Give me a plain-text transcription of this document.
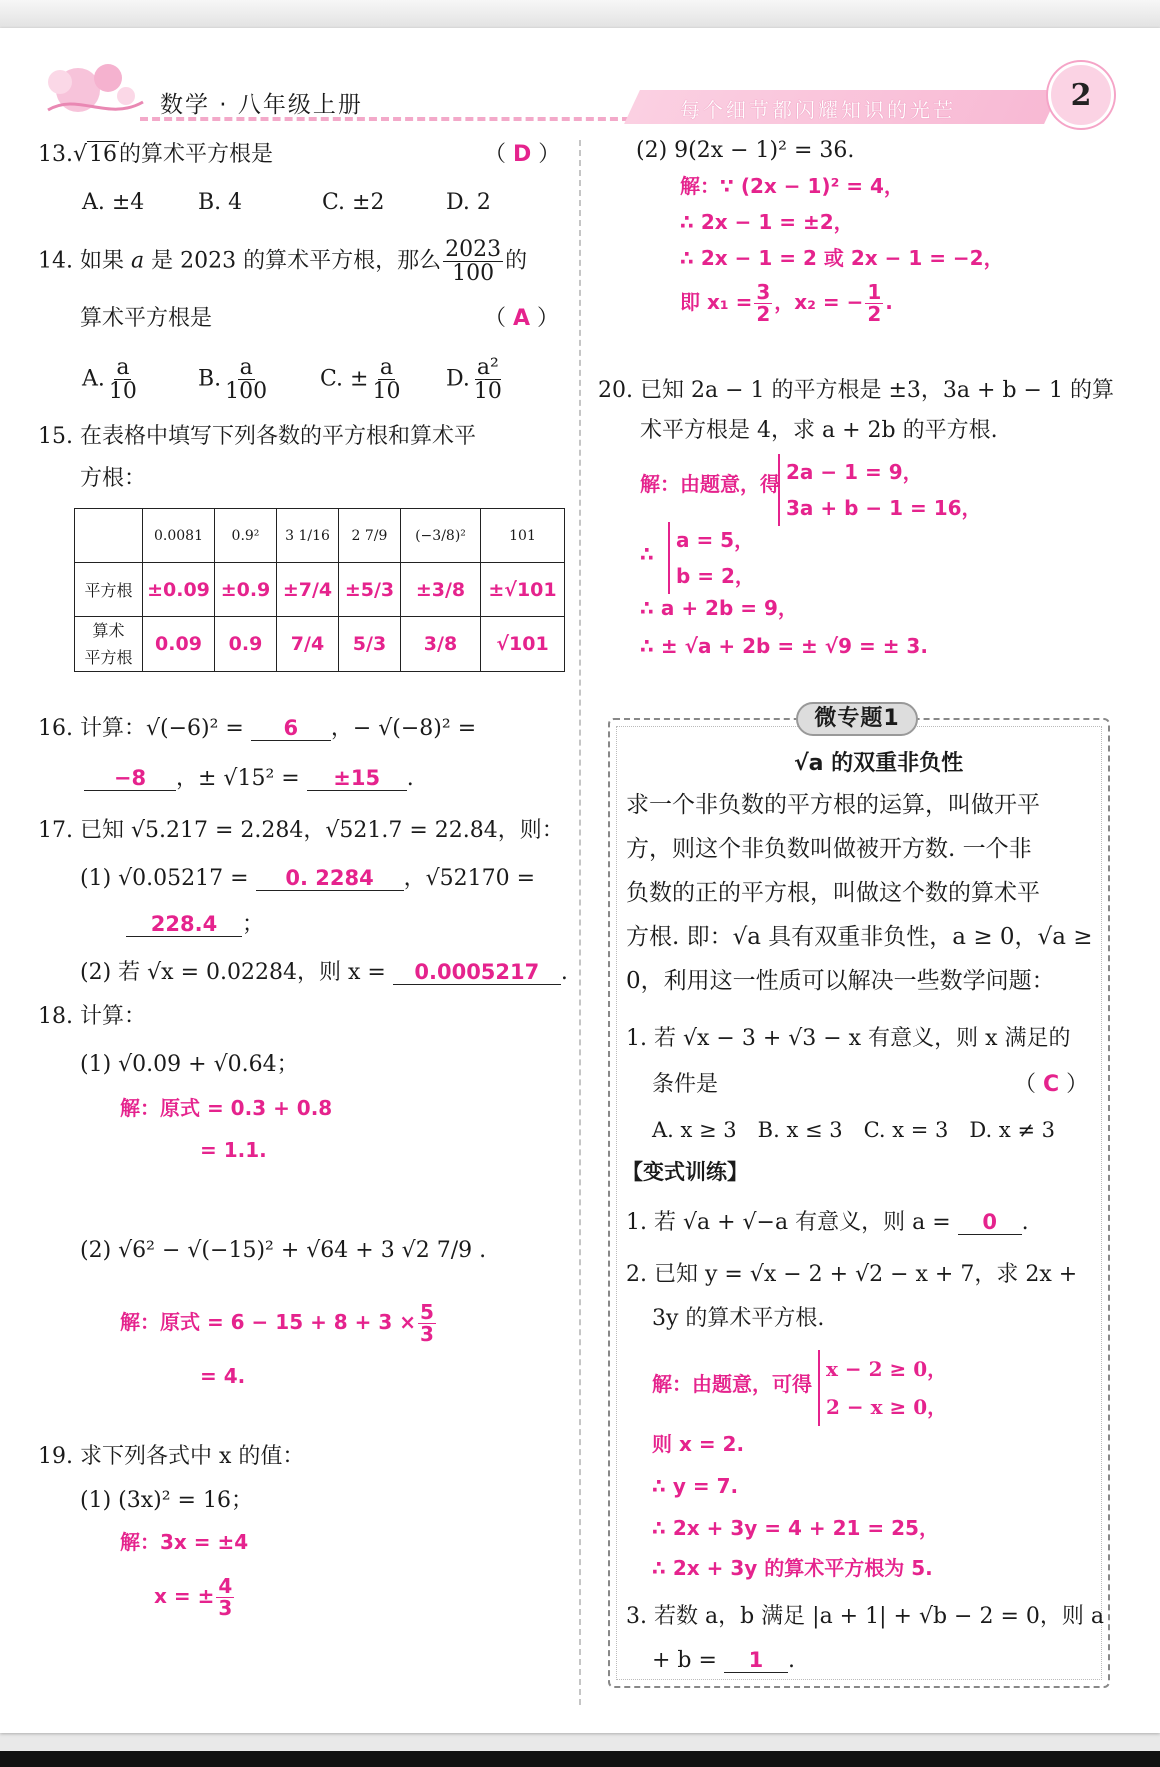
数学 · 八年级上册	每个细节都闪耀知识的光芒	2
13.√16的算术平方根是	（ D ）
A. ±4 B. 4	C. ±2	D. 2
14. 如果 a 是 2023 的算术平方根，那么 $\frac{2023}{100}$ 的
算术平方根是	（ A ）
A. $\frac{a}{10}$	B. $\frac{a}{100} C$. ± $\frac{a}{10} D$. $\frac{\text{a²}}{10}$
15. 在表格中填写下列各数的平方根和算术平
方根：
	0.0081	0.9²	3 1/16	2 7/9	(−3/8)²	101
平方根	±0.09	±0.9	±7/4	±5/3	±3/8	±√101

算术
平方根	0.09	0.9	7/4	5/3	3/8	√101
16. 计算：√(−6)² = 6 ，− √(−8)² =
−8 ，± √15² = ±15 .
17. 已知 √5.217 = 2.284，√521.7 = 22.84，则：
(1) √0.05217 = 0. 2284 ，√52170 =
228.4 ；
(2) 若 √x = 0.02284，则 x = 0.0005217 .
18. 计算：
(1) √0.09 + √0.64；
解：原式 = 0.3 + 0.8
= 1.1.
(2) √6² − √(−15)² + √64 + 3 √2 7/9 .
解：原式 = $6 - 15 + 8 + 3 \times \frac{5}{3}$
= 4.
19. 求下列各式中 x 的值：
(1) (3x)² = 16；
解：3x = ±4
x = ± $\frac{4}{3}$
(2) 9(2x − 1)² = 36.
解：∵ (2x − 1)² = 4，
∴ 2x − 1 = ±2，
∴ 2x − 1 = 2 或 2x − 1 = −2，
即 $x_1 = \frac{3}{2}$ ，x₂ = − $\frac{1}{2}$ .
20. 已知 2a − 1 的平方根是 ±3，3a + b − 1 的算
术平方根是 4，求 a + 2b 的平方根.
解：由题意，得 2a − 1 = 9，
3a + b − 1 = 16，
∴
a = 5，
b = 2，
∴ a + 2b = 9，
∴ ± √a + 2b = ± √9 = ± 3.
微专题1
√a 的双重非负性
求一个非负数的平方根的运算，叫做开平
方，则这个非负数叫做被开方数. 一个非
负数的正的平方根，叫做这个数的算术平
方根. 即：√a 具有双重非负性，a ≥ 0，√a ≥
0，利用这一性质可以解决一些数学问题：
1. 若 √x − 3 + √3 − x 有意义，则 x 满足的
条件是	（ C ）
A. x ≥ 3　B. x ≤ 3　C. x = 3　D. x ≠ 3
【变式训练】
1. 若 √a + √−a 有意义，则 a = 0 .
2. 已知 y = √x − 2 + √2 − x + 7，求 2x +
3y 的算术平方根.
解：由题意，可得
x − 2 ≥ 0，
2 − x ≥ 0，
则 x = 2.
∴ y = 7.
∴ 2x + 3y = 4 + 21 = 25，
∴ 2x + 3y 的算术平方根为 5.
3. 若数 a，b 满足 |a + 1| + √b − 2 = 0，则 a
+ b = 1 .
